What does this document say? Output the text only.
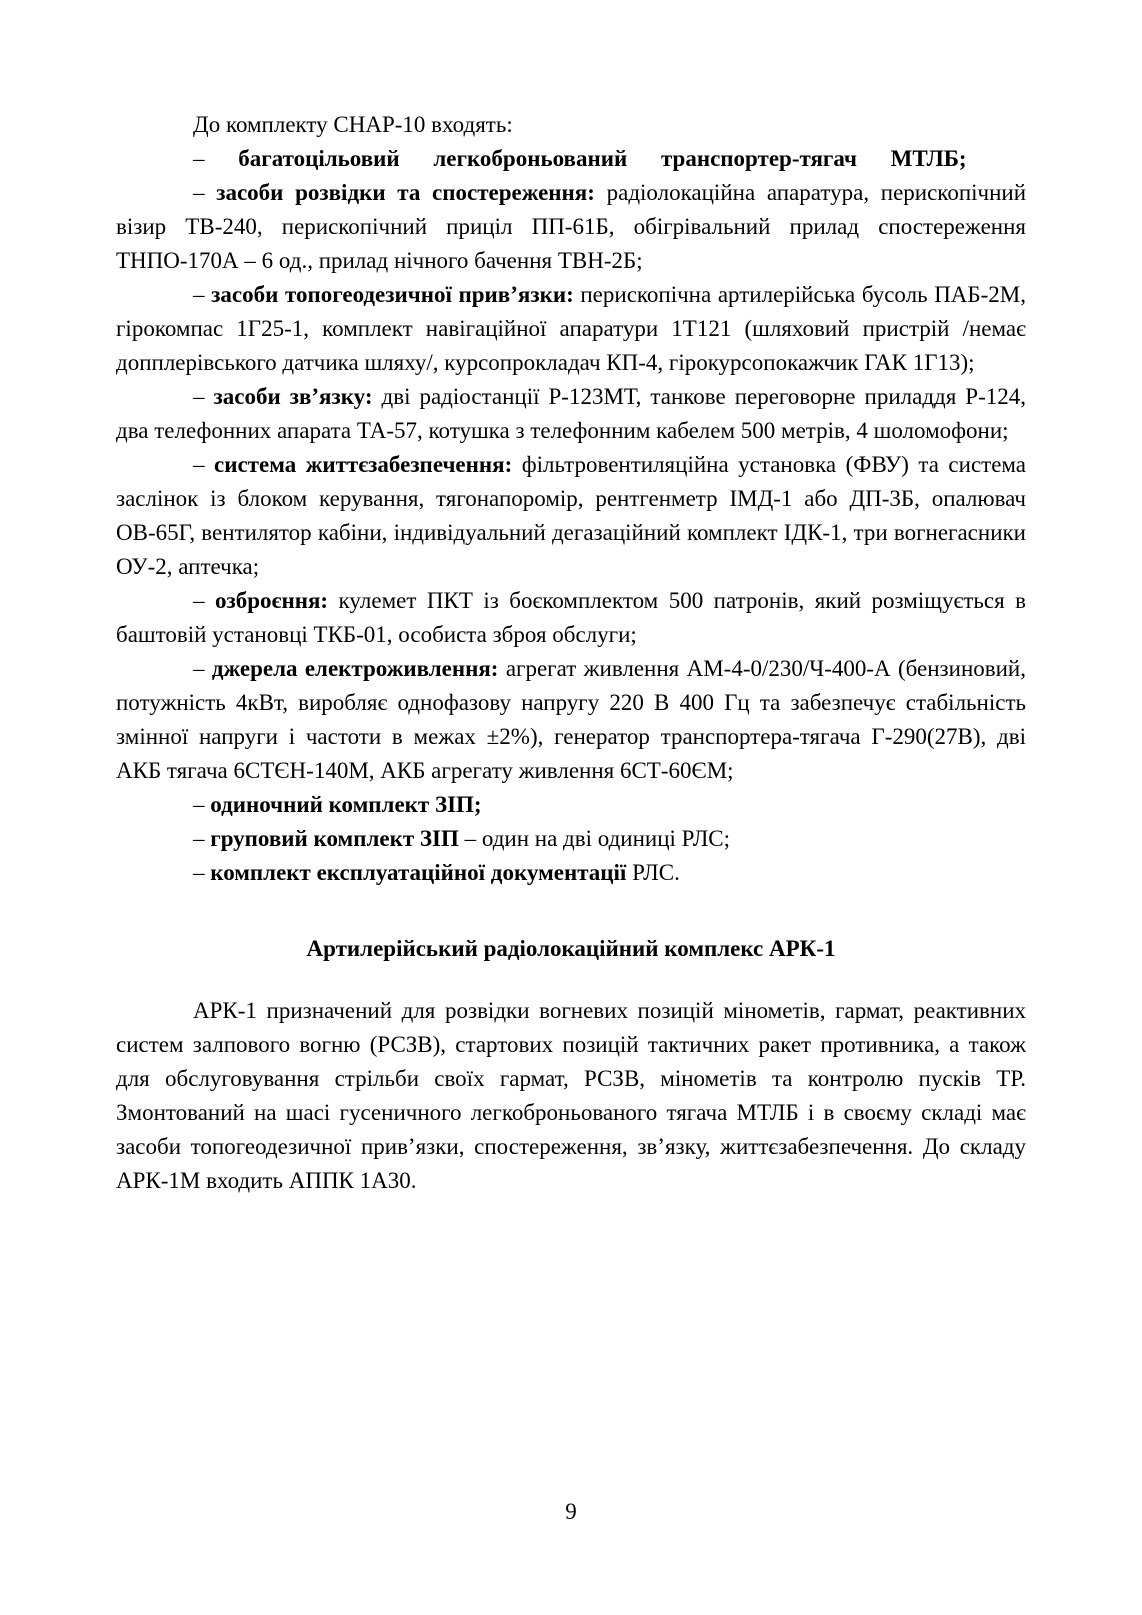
До комплекту СНАР-10 входять:

– багатоцільовий легкоброньований транспортер-тягач МТЛБ;

– засоби розвідки та спостереження: радіолокаційна апаратура, перископічний візир ТВ-240, перископічний приціл ПП-61Б, обігрівальний прилад спостереження ТНПО-170А – 6 од., прилад нічного бачення ТВН-2Б;

– засоби топогеодезичної прив’язки: перископічна артилерійська бусоль ПАБ-2М, гірокомпас 1Г25-1, комплект навігаційної апаратури 1Т121 (шляховий пристрій /немає допплерівського датчика шляху/, курсопрокладач КП-4, гірокурсопокажчик ГАК 1Г13);

– засоби зв’язку: дві радіостанції Р-123МТ, танкове переговорне приладдя Р-124, два телефонних апарата ТА-57, котушка з телефонним кабелем 500 метрів, 4 шоломофони;

– система життєзабезпечення: фільтровентиляційна установка (ФВУ) та система заслінок із блоком керування, тягонапоромір, рентгенметр ІМД-1 або ДП-3Б, опалювач ОВ-65Г, вентилятор кабіни, індивідуальний дегазаційний комплект ІДК-1, три вогнегасники ОУ-2, аптечка;

– озброєння: кулемет ПКТ із боєкомплектом 500 патронів, який розміщується в баштовій установці ТКБ-01, особиста зброя обслуги;

– джерела електроживлення: агрегат живлення АМ-4-0/230/Ч-400-А (бензиновий, потужність 4кВт, виробляє однофазову напругу 220 В 400 Гц та забезпечує стабільність змінної напруги і частоти в межах ±2%), генератор транспортера-тягача Г-290(27В), дві АКБ тягача 6СТЄН-140М, АКБ агрегату живлення 6СТ-60ЄМ;

– одиночний комплект ЗІП;

– груповий комплект ЗІП – один на дві одиниці РЛС;

– комплект експлуатаційної документації РЛС.

Артилерійський радіолокаційний комплекс АРК-1

АРК-1 призначений для розвідки вогневих позицій мінометів, гармат, реактивних систем залпового вогню (РСЗВ), стартових позицій тактичних ракет противника, а також для обслуговування стрільби своїх гармат, РСЗВ, мінометів та контролю пусків ТР. Змонтований на шасі гусеничного легкоброньованого тягача МТЛБ і в своєму складі має засоби топогеодезичної прив’язки, спостереження, зв’язку, життєзабезпечення. До складу АРК-1М входить АППК 1А30.

9
